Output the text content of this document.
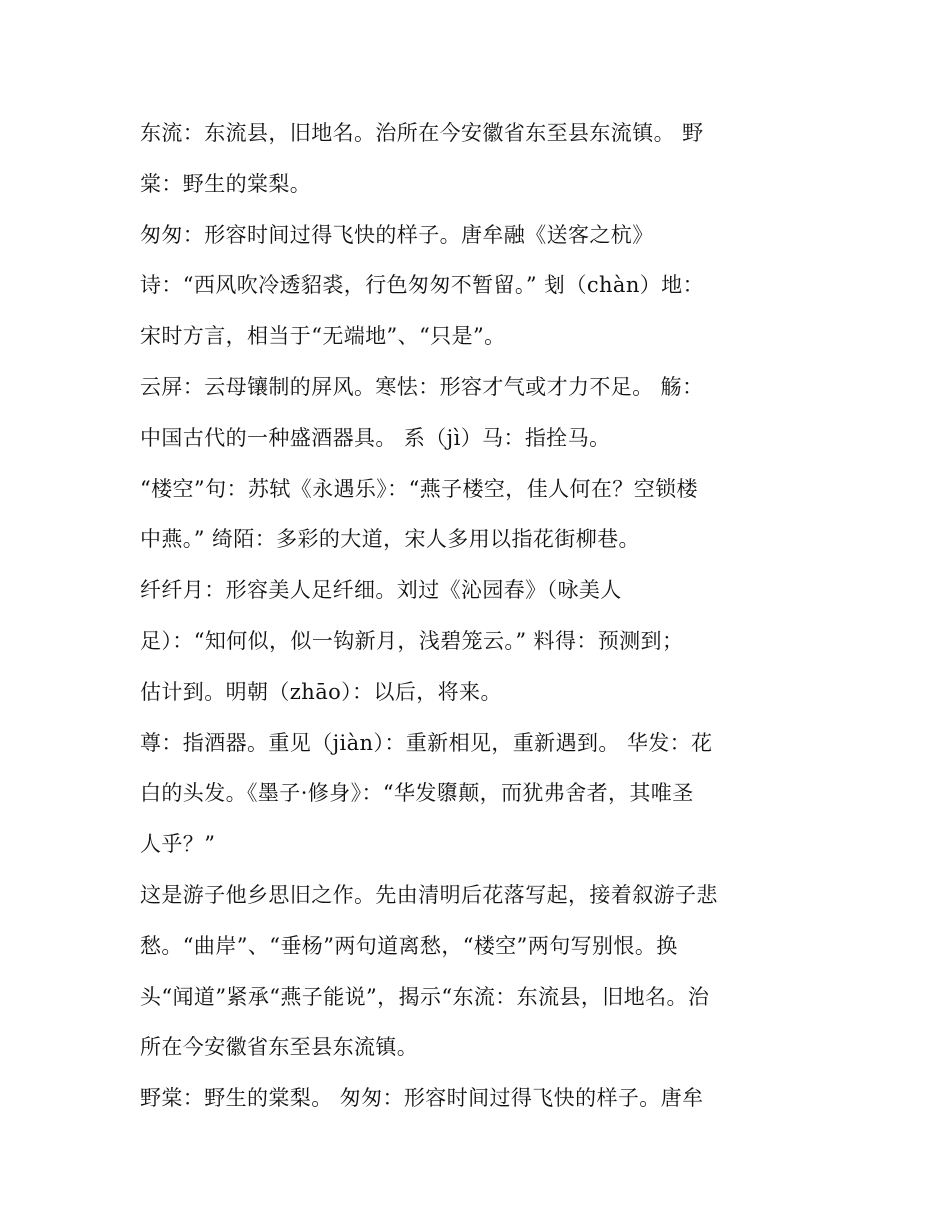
东流：东流县，旧地名。治所在今安徽省东至县东流镇。 野
棠：野生的棠梨。
匆匆：形容时间过得飞快的样子。唐牟融《送客之杭》
诗：“西风吹冷透貂裘，行色匆匆不暂留。” 刬（chàn）地：
宋时方言，相当于“无端地”、“只是”。
云屏：云母镶制的屏风。寒怯：形容才气或才力不足。 觞：
中国古代的一种盛酒器具。 系（jì）马：指拴马。
“楼空”句：苏轼《永遇乐》：“燕子楼空，佳人何在？空锁楼
中燕。” 绮陌：多彩的大道，宋人多用以指花街柳巷。
纤纤月：形容美人足纤细。刘过《沁园春》（咏美人
足）：“知何似，似一钩新月，浅碧笼云。” 料得：预测到；
估计到。明朝（zhāo）：以后，将来。
尊：指酒器。重见（jiàn）：重新相见，重新遇到。 华发：花
白的头发。《墨子·修身》：“华发隳颠，而犹弗舍者，其唯圣
人乎？”
这是游子他乡思旧之作。先由清明后花落写起，接着叙游子悲
愁。“曲岸”、“垂杨”两句道离愁，“楼空”两句写别恨。换
头“闻道”紧承“燕子能说”，揭示“东流：东流县，旧地名。治
所在今安徽省东至县东流镇。
野棠：野生的棠梨。 匆匆：形容时间过得飞快的样子。唐牟
